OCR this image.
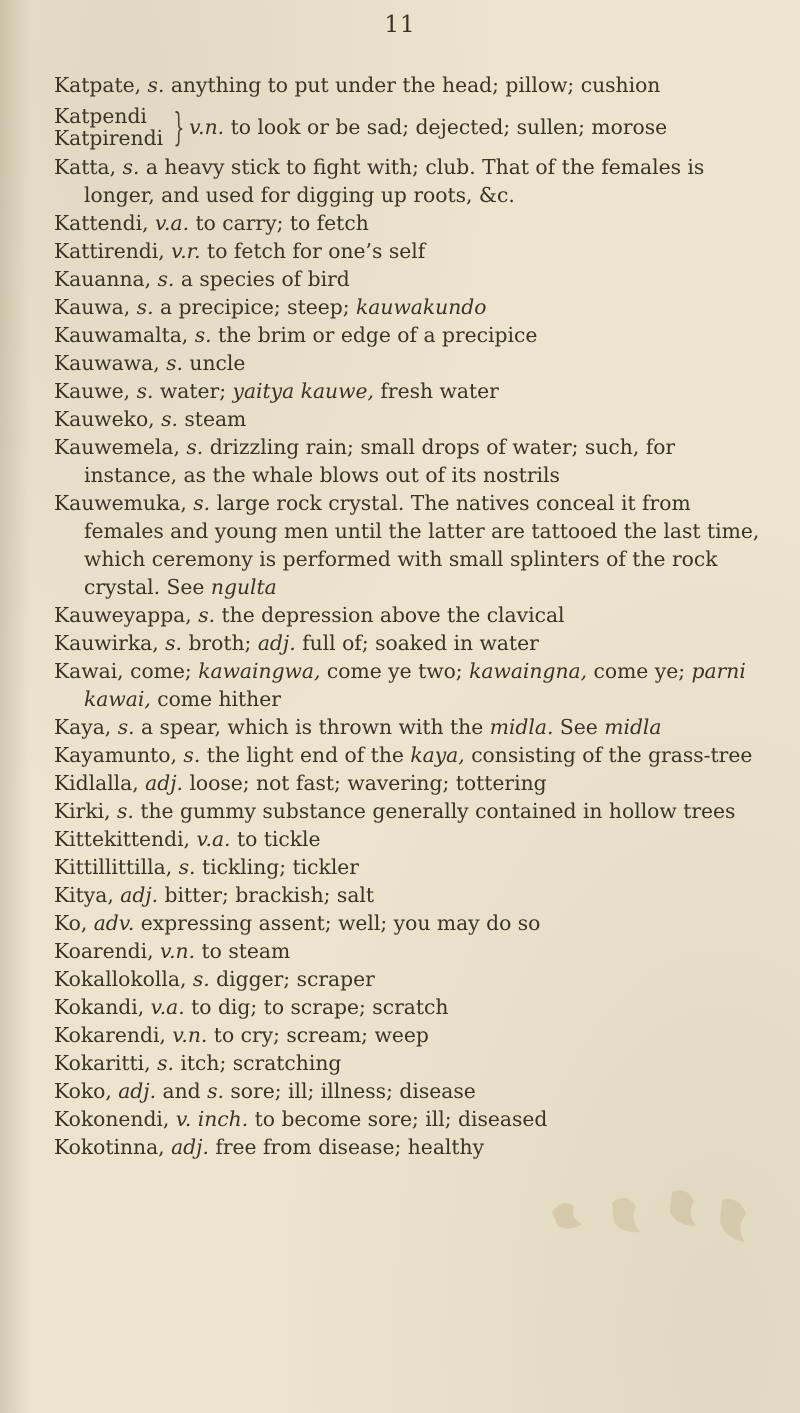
11
Katpate, s. anything to put under the head; pillow; cushion
Katpendi
Katpirendi } v.n. to look or be sad; dejected; sullen; morose
Katta, s. a heavy stick to fight with; club. That of the females is longer, and used for digging up roots, &c.
Kattendi, v.a. to carry; to fetch
Kattirendi, v.r. to fetch for one’s self
Kauanna, s. a species of bird
Kauwa, s. a precipice; steep; kauwakundo
Kauwamalta, s. the brim or edge of a precipice
Kauwawa, s. uncle
Kauwe, s. water; yaitya kauwe, fresh water
Kauweko, s. steam
Kauwemela, s. drizzling rain; small drops of water; such, for instance, as the whale blows out of its nostrils
Kauwemuka, s. large rock crystal. The natives conceal it from females and young men until the latter are tattooed the last time, which ceremony is performed with small splinters of the rock crystal. See ngulta
Kauweyappa, s. the depression above the clavical
Kauwirka, s. broth; adj. full of; soaked in water
Kawai, come; kawaingwa, come ye two; kawaingna, come ye; parni kawai, come hither
Kaya, s. a spear, which is thrown with the midla. See midla
Kayamunto, s. the light end of the kaya, consisting of the grass-tree
Kidlalla, adj. loose; not fast; wavering; tottering
Kirki, s. the gummy substance generally contained in hollow trees
Kittekittendi, v.a. to tickle
Kittillittilla, s. tickling; tickler
Kitya, adj. bitter; brackish; salt
Ko, adv. expressing assent; well; you may do so
Koarendi, v.n. to steam
Kokallokolla, s. digger; scraper
Kokandi, v.a. to dig; to scrape; scratch
Kokarendi, v.n. to cry; scream; weep
Kokaritti, s. itch; scratching
Koko, adj. and s. sore; ill; illness; disease
Kokonendi, v. inch. to become sore; ill; diseased
Kokotinna, adj. free from disease; healthy
